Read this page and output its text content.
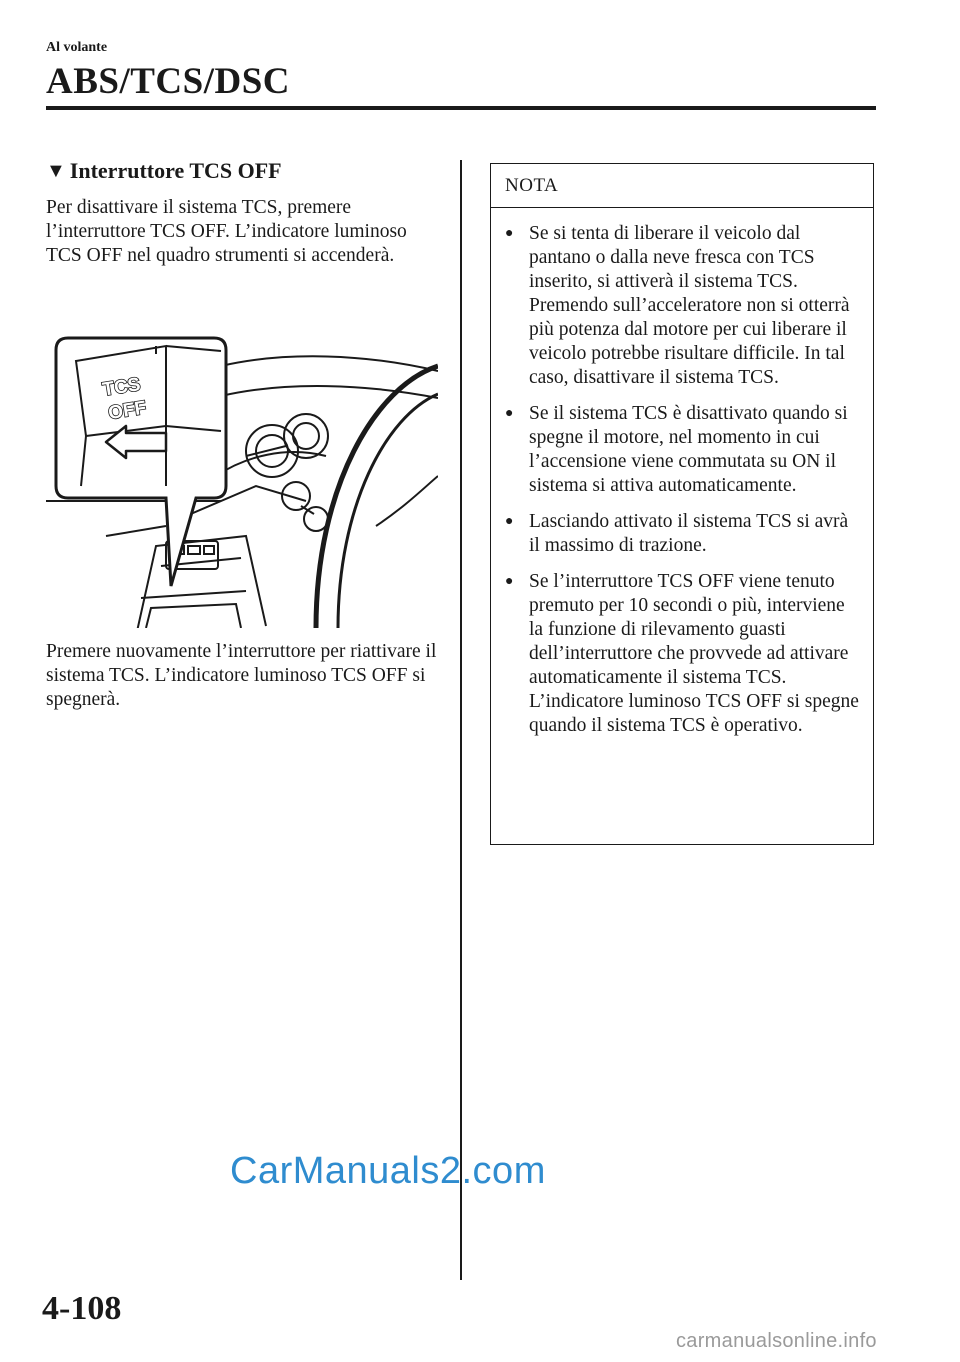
Al volante
ABS/TCS/DSC
▼ Interruttore TCS OFF

Per disattivare il sistema TCS, premere l’interruttore TCS OFF. L’indicatore luminoso TCS OFF nel quadro strumenti si accenderà.

TCS
OFF
Premere nuovamente l’interruttore per riattivare il sistema TCS. L’indicatore luminoso TCS OFF si spegnerà.
NOTA
● Se si tenta di liberare il veicolo dal pantano o dalla neve fresca con TCS inserito, si attiverà il sistema TCS. Premendo sull’acceleratore non si otterrà più potenza dal motore per cui liberare il veicolo potrebbe risultare difficile. In tal caso, disattivare il sistema TCS.
● Se il sistema TCS è disattivato quando si spegne il motore, nel momento in cui l’accensione viene commutata su ON il sistema si attiva automaticamente.
● Lasciando attivato il sistema TCS si avrà il massimo di trazione.
● Se l’interruttore TCS OFF viene tenuto premuto per 10 secondi o più, interviene la funzione di rilevamento guasti dell’interruttore che provvede ad attivare automaticamente il sistema TCS. L’indicatore luminoso TCS OFF si spegne quando il sistema TCS è operativo.
4-108
CarManuals2.com
carmanualsonline.info
